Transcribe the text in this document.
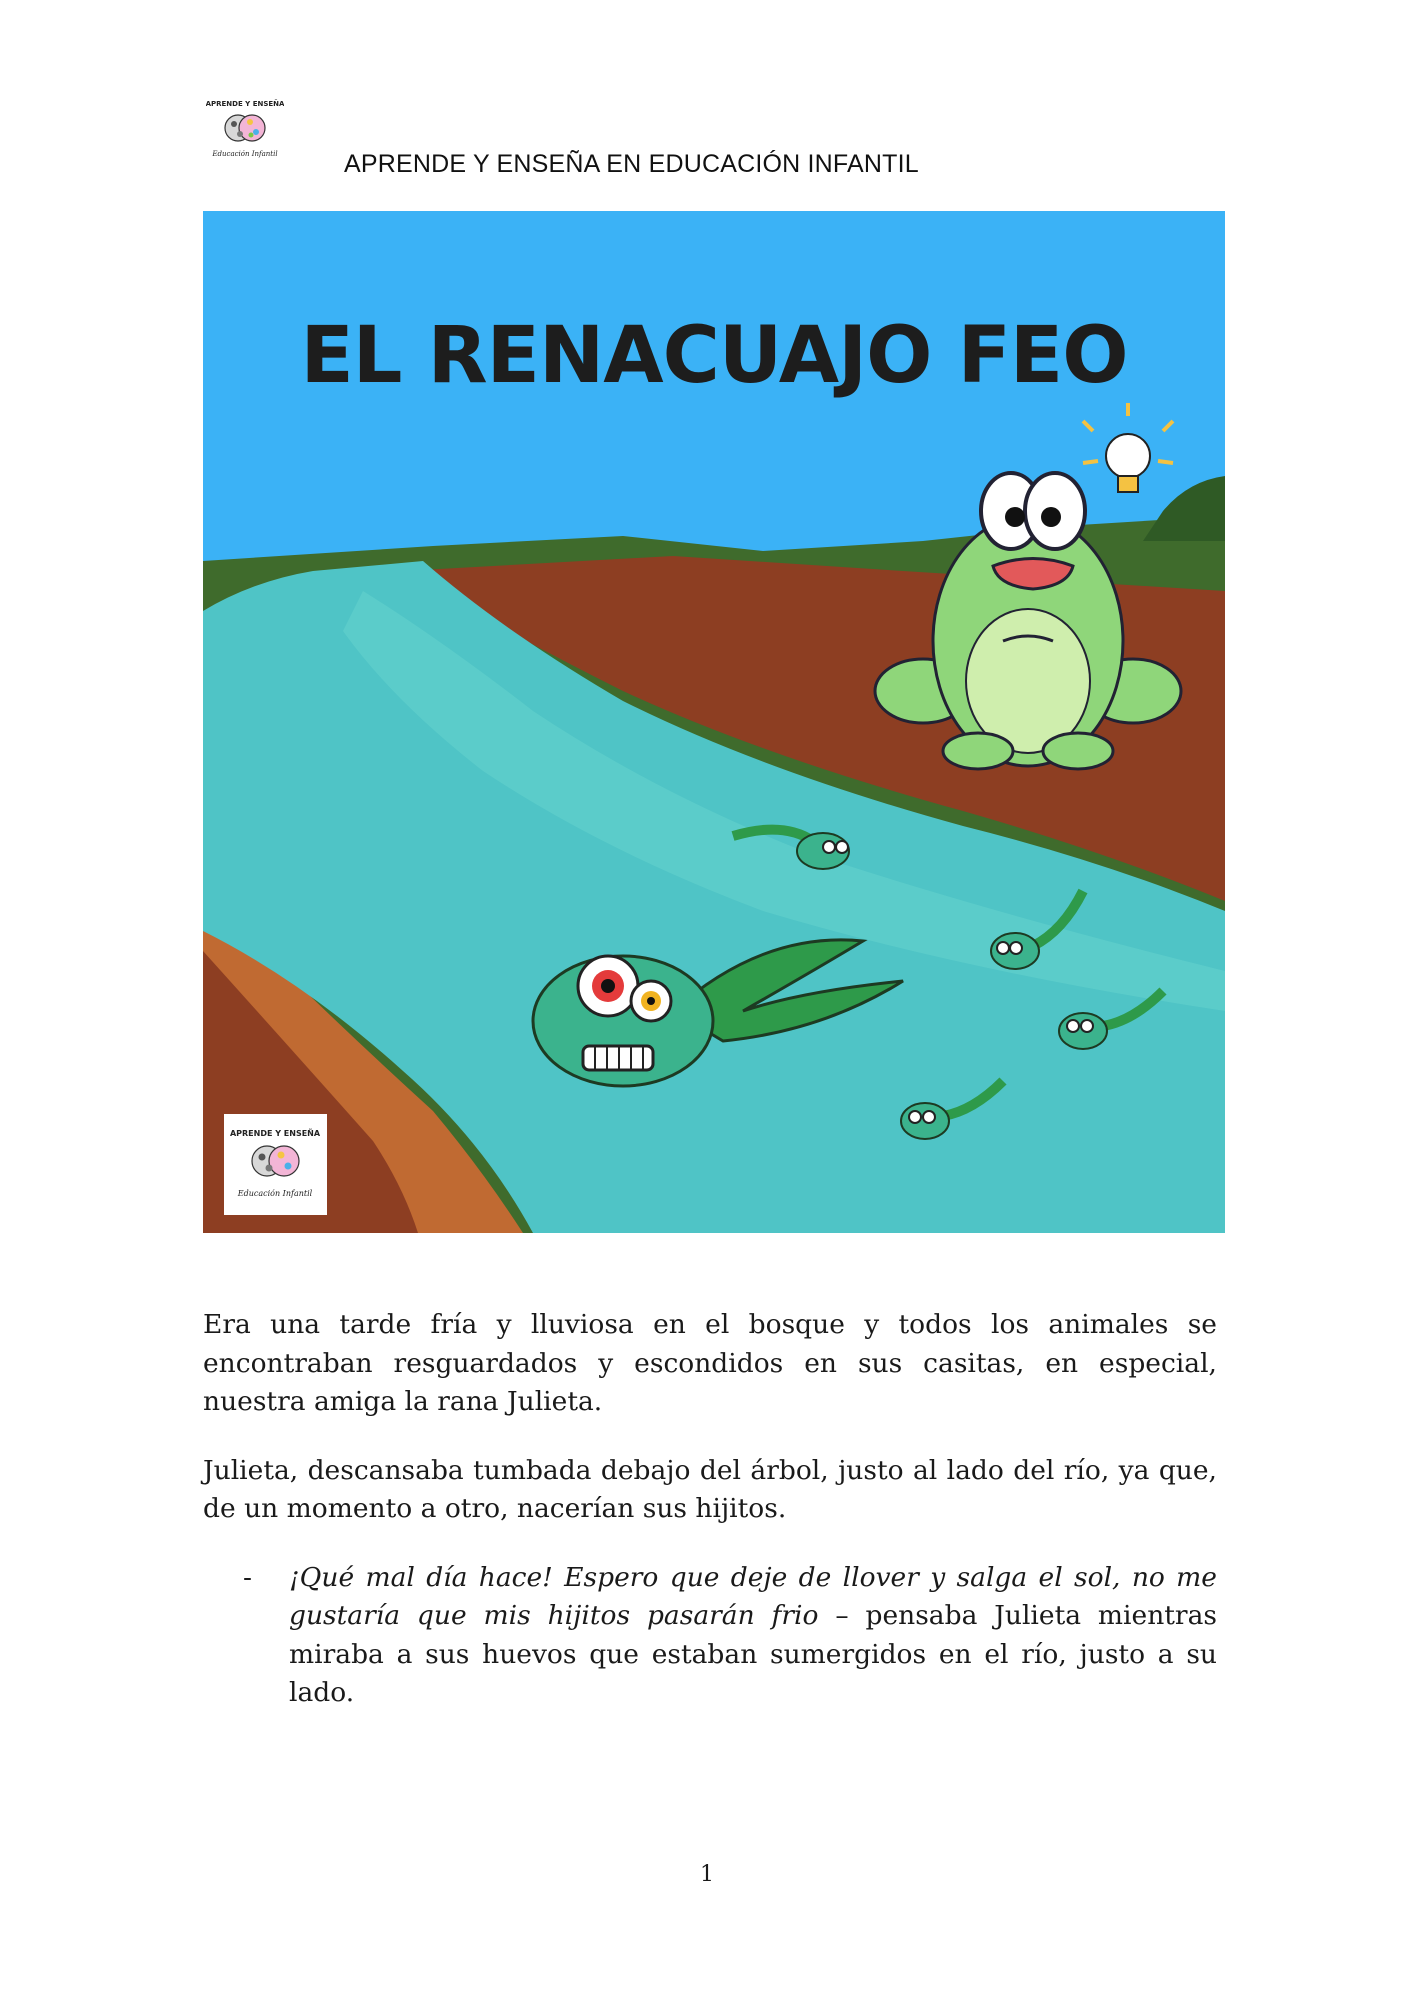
APRENDE Y ENSEÑA
Educación Infantil	APRENDE Y ENSEÑA EN EDUCACIÓN INFANTIL
EL RENACUAJO FEO
APRENDE Y ENSEÑA
Educación Infantil

Era una tarde fría y lluviosa en el bosque y todos los animales se encontraban resguardados y escondidos en sus casitas, en especial, nuestra amiga la rana Julieta.

Julieta, descansaba tumbada debajo del árbol, justo al lado del río, ya que, de un momento a otro, nacerían sus hijitos.

- ¡Qué mal día hace! Espero que deje de llover y salga el sol, no me gustaría que mis hijitos pasarán frio – pensaba Julieta mientras miraba a sus huevos que estaban sumergidos en el río, justo a su lado.
1
